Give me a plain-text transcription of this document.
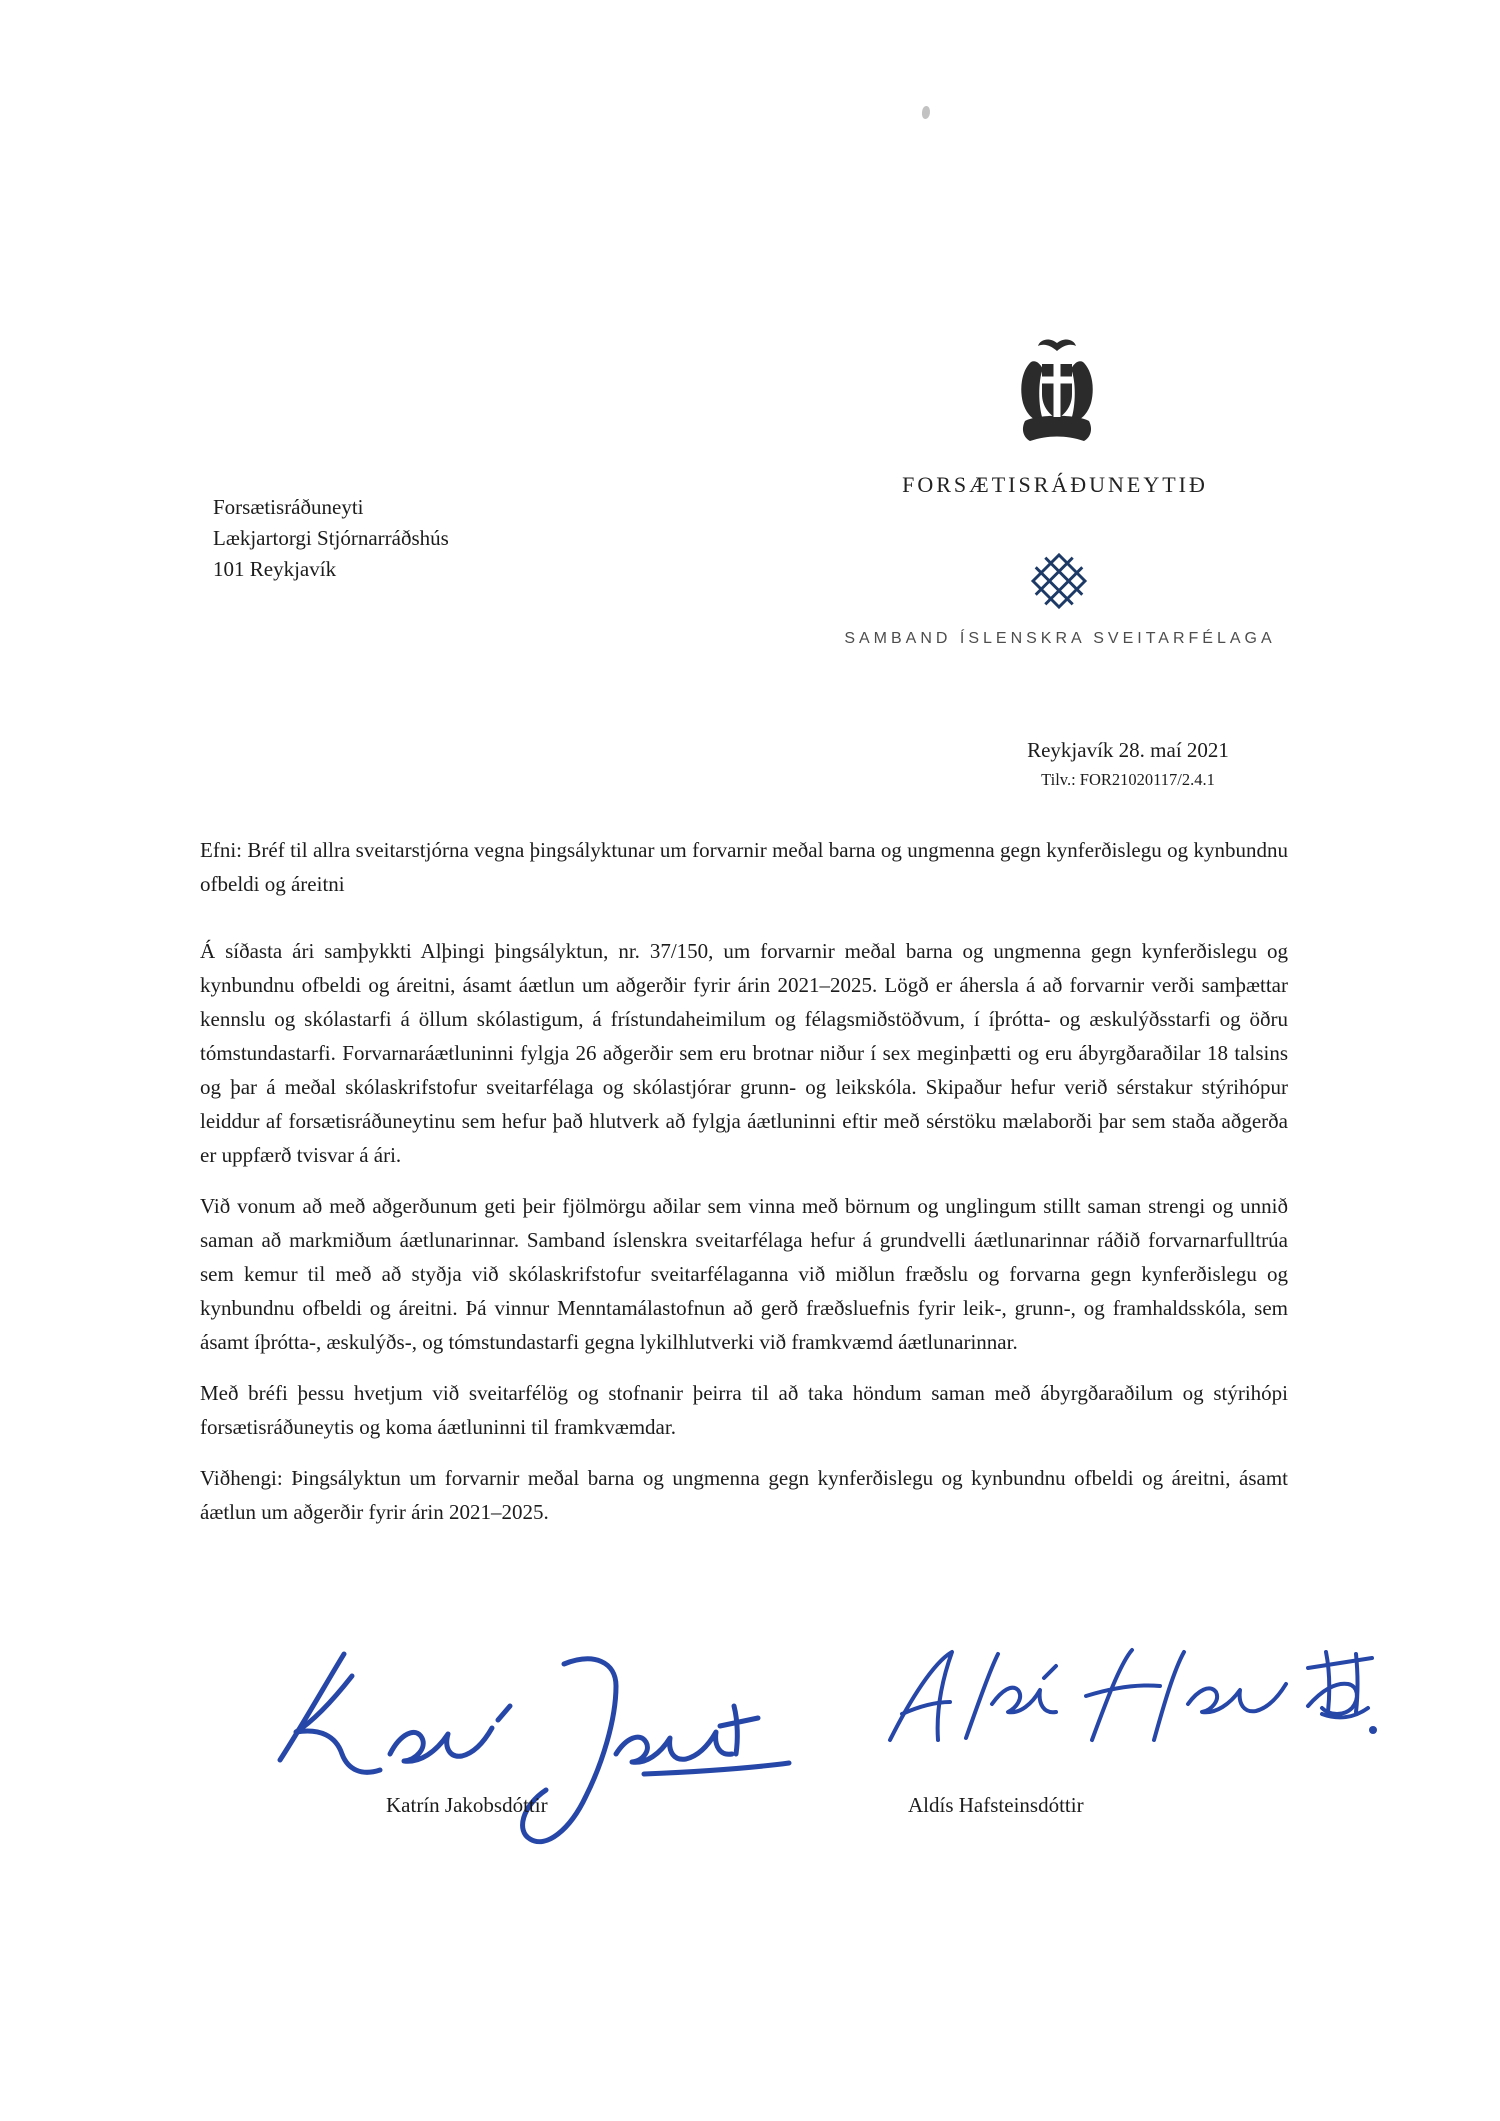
FORSÆTISRÁÐUNEYTIÐ
Forsætisráðuneyti
Lækjartorgi Stjórnarráðshús
101 Reykjavík
SAMBAND ÍSLENSKRA SVEITARFÉLAGA
Reykjavík 28. maí 2021
Tilv.: FOR21020117/2.4.1
Efni: Bréf til allra sveitarstjórna vegna þingsályktunar um forvarnir meðal barna og ungmenna gegn kynferðislegu og kynbundnu ofbeldi og áreitni

Á síðasta ári samþykkti Alþingi þingsályktun, nr. 37/150, um forvarnir meðal barna og ungmenna gegn kynferðislegu og kynbundnu ofbeldi og áreitni, ásamt áætlun um aðgerðir fyrir árin 2021–2025. Lögð er áhersla á að forvarnir verði samþættar kennslu og skólastarfi á öllum skólastigum, á frístundaheimilum og félagsmiðstöðvum, í íþrótta- og æskulýðsstarfi og öðru tómstundastarfi. Forvarnaráætluninni fylgja 26 aðgerðir sem eru brotnar niður í sex meginþætti og eru ábyrgðaraðilar 18 talsins og þar á meðal skólaskrifstofur sveitarfélaga og skólastjórar grunn- og leikskóla. Skipaður hefur verið sérstakur stýrihópur leiddur af forsætisráðuneytinu sem hefur það hlutverk að fylgja áætluninni eftir með sérstöku mælaborði þar sem staða aðgerða er uppfærð tvisvar á ári.

Við vonum að með aðgerðunum geti þeir fjölmörgu aðilar sem vinna með börnum og unglingum stillt saman strengi og unnið saman að markmiðum áætlunarinnar. Samband íslenskra sveitarfélaga hefur á grundvelli áætlunarinnar ráðið forvarnarfulltrúa sem kemur til með að styðja við skólaskrifstofur sveitarfélaganna við miðlun fræðslu og forvarna gegn kynferðislegu og kynbundnu ofbeldi og áreitni. Þá vinnur Menntamálastofnun að gerð fræðsluefnis fyrir leik-, grunn-, og framhaldsskóla, sem ásamt íþrótta-, æskulýðs-, og tómstundastarfi gegna lykilhlutverki við framkvæmd áætlunarinnar.

Með bréfi þessu hvetjum við sveitarfélög og stofnanir þeirra til að taka höndum saman með ábyrgðaraðilum og stýrihópi forsætisráðuneytis og koma áætluninni til framkvæmdar.

Viðhengi: Þingsályktun um forvarnir meðal barna og ungmenna gegn kynferðislegu og kynbundnu ofbeldi og áreitni, ásamt áætlun um aðgerðir fyrir árin 2021–2025.

Katrín Jakobsdóttir	Aldís Hafsteinsdóttir
